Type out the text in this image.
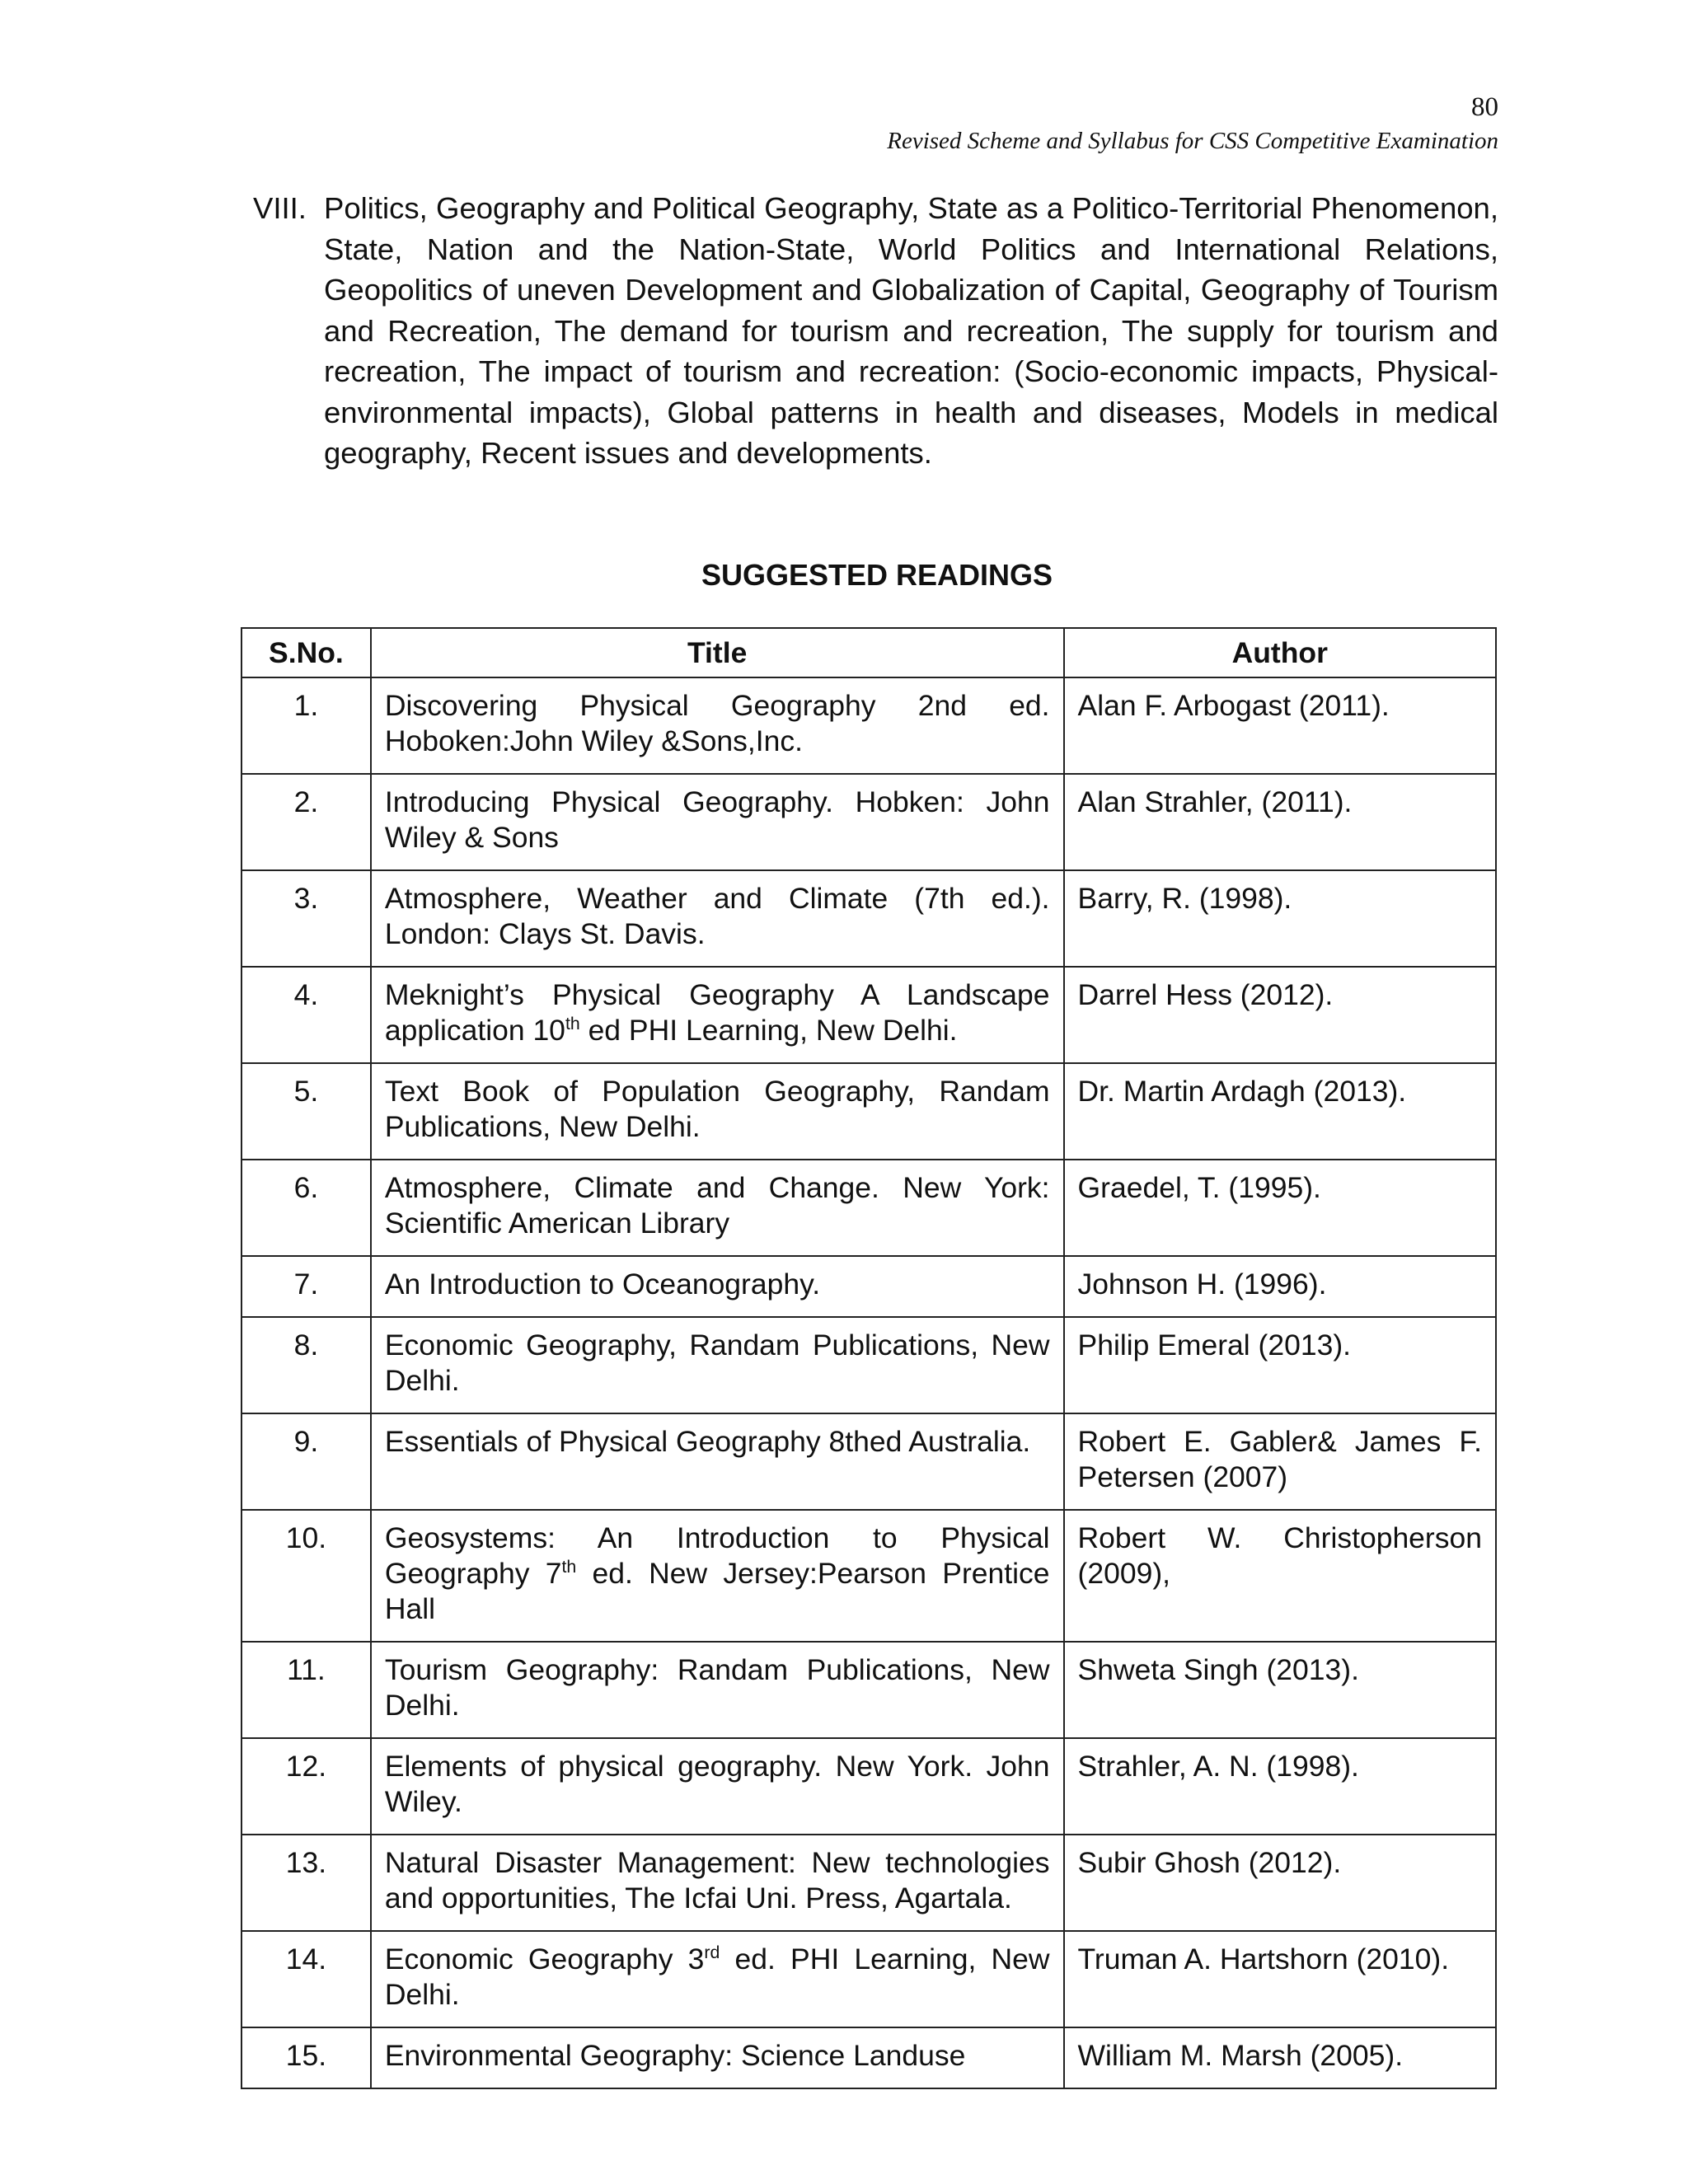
80
Revised Scheme and Syllabus for CSS Competitive Examination
VIII. Politics, Geography and Political Geography, State as a Politico-Territorial Phenomenon, State, Nation and the Nation-State, World Politics and International Relations, Geopolitics of uneven Development and Globalization of Capital, Geography of Tourism and Recreation, The demand for tourism and recreation, The supply for tourism and recreation, The impact of tourism and recreation: (Socio-economic impacts, Physical-environmental impacts), Global patterns in health and diseases, Models in medical geography, Recent issues and developments.
SUGGESTED READINGS
S.No.	Title	Author
1.	Discovering Physical Geography 2nd ed. Hoboken:John Wiley &Sons,Inc.	Alan F. Arbogast (2011).
2.	Introducing Physical Geography. Hobken: John Wiley & Sons	Alan Strahler, (2011).
3.	Atmosphere, Weather and Climate (7th ed.). London: Clays St. Davis.	Barry, R. (1998).
4.	Meknight’s Physical Geography A Landscape application 10th ed PHI Learning, New Delhi.	Darrel Hess (2012).
5.	Text Book of Population Geography, Randam Publications, New Delhi.	Dr. Martin Ardagh (2013).
6.	Atmosphere, Climate and Change. New York: Scientific American Library	Graedel, T. (1995).
7.	An Introduction to Oceanography.	Johnson H. (1996).
8.	Economic Geography, Randam Publications, New Delhi.	Philip Emeral (2013).
9.	Essentials of Physical Geography 8thed Australia.	Robert E. Gabler& James F. Petersen (2007)
10.	Geosystems: An Introduction to Physical Geography 7th ed. New Jersey:Pearson Prentice Hall	Robert W. Christopherson (2009),
11.	Tourism Geography: Randam Publications, New Delhi.	Shweta Singh (2013).
12.	Elements of physical geography. New York. John Wiley.	Strahler, A. N. (1998).
13.	Natural Disaster Management: New technologies and opportunities, The Icfai Uni. Press, Agartala.	Subir Ghosh (2012).
14.	Economic Geography 3rd ed. PHI Learning, New Delhi.	Truman A. Hartshorn (2010).
15.	Environmental Geography: Science Landuse	William M. Marsh (2005).
